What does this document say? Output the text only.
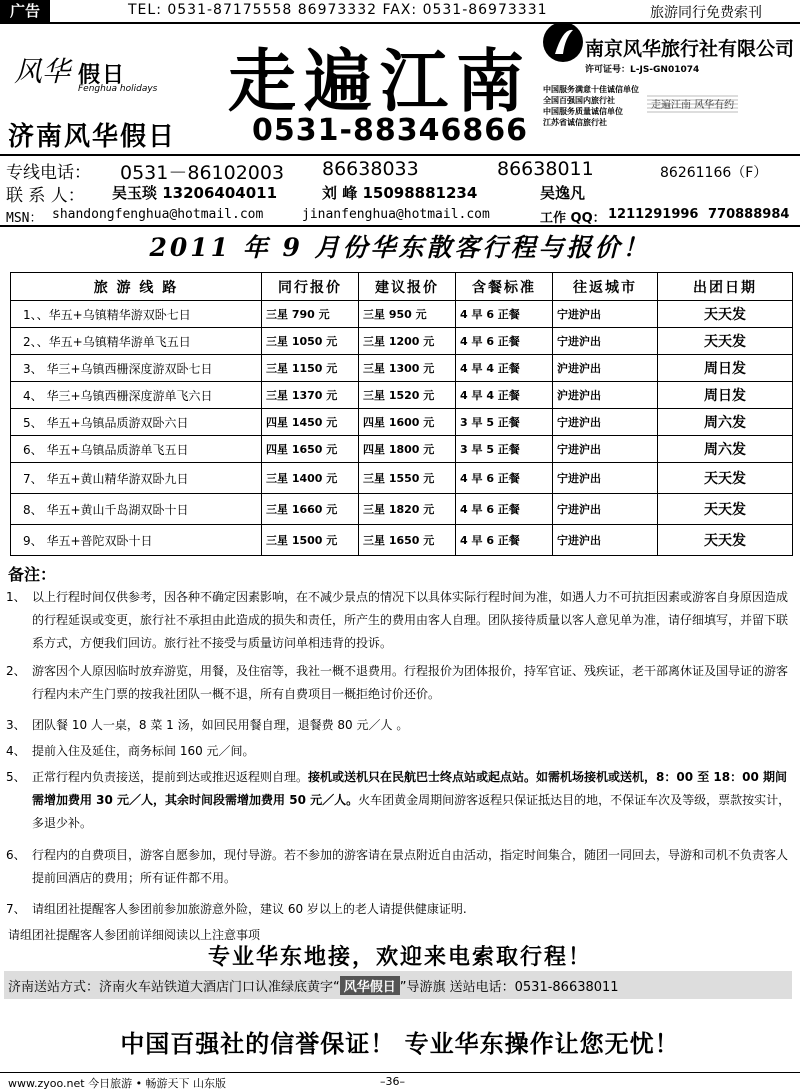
广告	TEL: 0531-87175558 86973332 FAX: 0531-86973331	旅游同行免费索刊
风华 假日
Fenghua holidays 走遍江南	南京风华旅行社有限公司
许可证号：L-JS-GN01074
中国服务满意十佳诚信单位
全国百强国内旅行社
中国服务质量诚信单位
江苏省诚信旅行社
走遍江南 风华有约
济南风华假日	0531-88346866
专线电话： 0531－86102003 86638033	86638011	86261166（F）
联 系 人： 吴玉琰 13206404011	刘 峰 15098881234	吴逸凡
MSN： shandongfenghua@hotmail.com	jinanfenghua@hotmail.com	工作 QQ： 1211291996 770888984
2011 年 9 月份华东散客行程与报价！
旅 游 线 路	同行报价	建议报价	含餐标准	往返城市	出团日期
1、、华五+乌镇精华游双卧七日	三星 790 元	三星 950 元	4 早 6 正餐	宁进沪出	天天发
2、、华五+乌镇精华游单飞五日	三星 1050 元	三星 1200 元	4 早 6 正餐	宁进沪出	天天发
3、 华三+乌镇西栅深度游双卧七日	三星 1150 元	三星 1300 元	4 早 4 正餐	沪进沪出	周日发
4、 华三+乌镇西栅深度游单飞六日	三星 1370 元	三星 1520 元	4 早 4 正餐	沪进沪出	周日发
5、 华五+乌镇品质游双卧六日	四星 1450 元	四星 1600 元	3 早 5 正餐	宁进沪出	周六发
6、 华五+乌镇品质游单飞五日	四星 1650 元	四星 1800 元	3 早 5 正餐	宁进沪出	周六发
7、 华五+黄山精华游双卧九日	三星 1400 元	三星 1550 元	4 早 6 正餐	宁进沪出	天天发
8、 华五+黄山千岛湖双卧十日	三星 1660 元	三星 1820 元	4 早 6 正餐	宁进沪出	天天发
9、 华五+普陀双卧十日	三星 1500 元	三星 1650 元	4 早 6 正餐	宁进沪出	天天发
备注：
1、 以上行程时间仅供参考，因各种不确定因素影响，在不减少景点的情况下以具体实际行程时间为准，如遇人力不可抗拒因素或游客自身原因造成的行程延误或变更，旅行社不承担由此造成的损失和责任，所产生的费用由客人自理。团队接待质量以客人意见单为准，请仔细填写，并留下联系方式，方便我们回访。旅行社不接受与质量访问单相违背的投诉。
2、 游客因个人原因临时放弃游览，用餐，及住宿等，我社一概不退费用。行程报价为团体报价，持军官证、残疾证，老干部离休证及国导证的游客行程内未产生门票的按我社团队一概不退，所有自费项目一概拒绝讨价还价。
3、 团队餐 10 人一桌，8 菜 1 汤，如回民用餐自理，退餐费 80 元／人 。
4、 提前入住及延住，商务标间 160 元／间。
5、 正常行程内负责接送，提前到达或推迟返程则自理。接机或送机只在民航巴士终点站或起点站。如需机场接机或送机，8：00 至 18：00 期间需增加费用 30 元／人，其余时间段需增加费用 50 元／人。火车团黄金周期间游客返程只保证抵达目的地，不保证车次及等级，票款按实计，多退少补。
6、 行程内的自费项目，游客自愿参加，现付导游。若不参加的游客请在景点附近自由活动，指定时间集合，随团一同回去，导游和司机不负责客人提前回酒店的费用；所有证件都不用。
7、 请组团社提醒客人参团前参加旅游意外险，建议 60 岁以上的老人请提供健康证明.
请组团社提醒客人参团前详细阅读以上注意事项
专业华东地接，欢迎来电索取行程！
济南送站方式：济南火车站铁道大酒店门口认准绿底黄字“ 风华假日 ”导游旗 送站电话：0531-86638011
中国百强社的信誉保证！ 专业华东操作让您无忧！
www.zyoo.net 今日旅游 • 畅游天下 山东版	–36–
